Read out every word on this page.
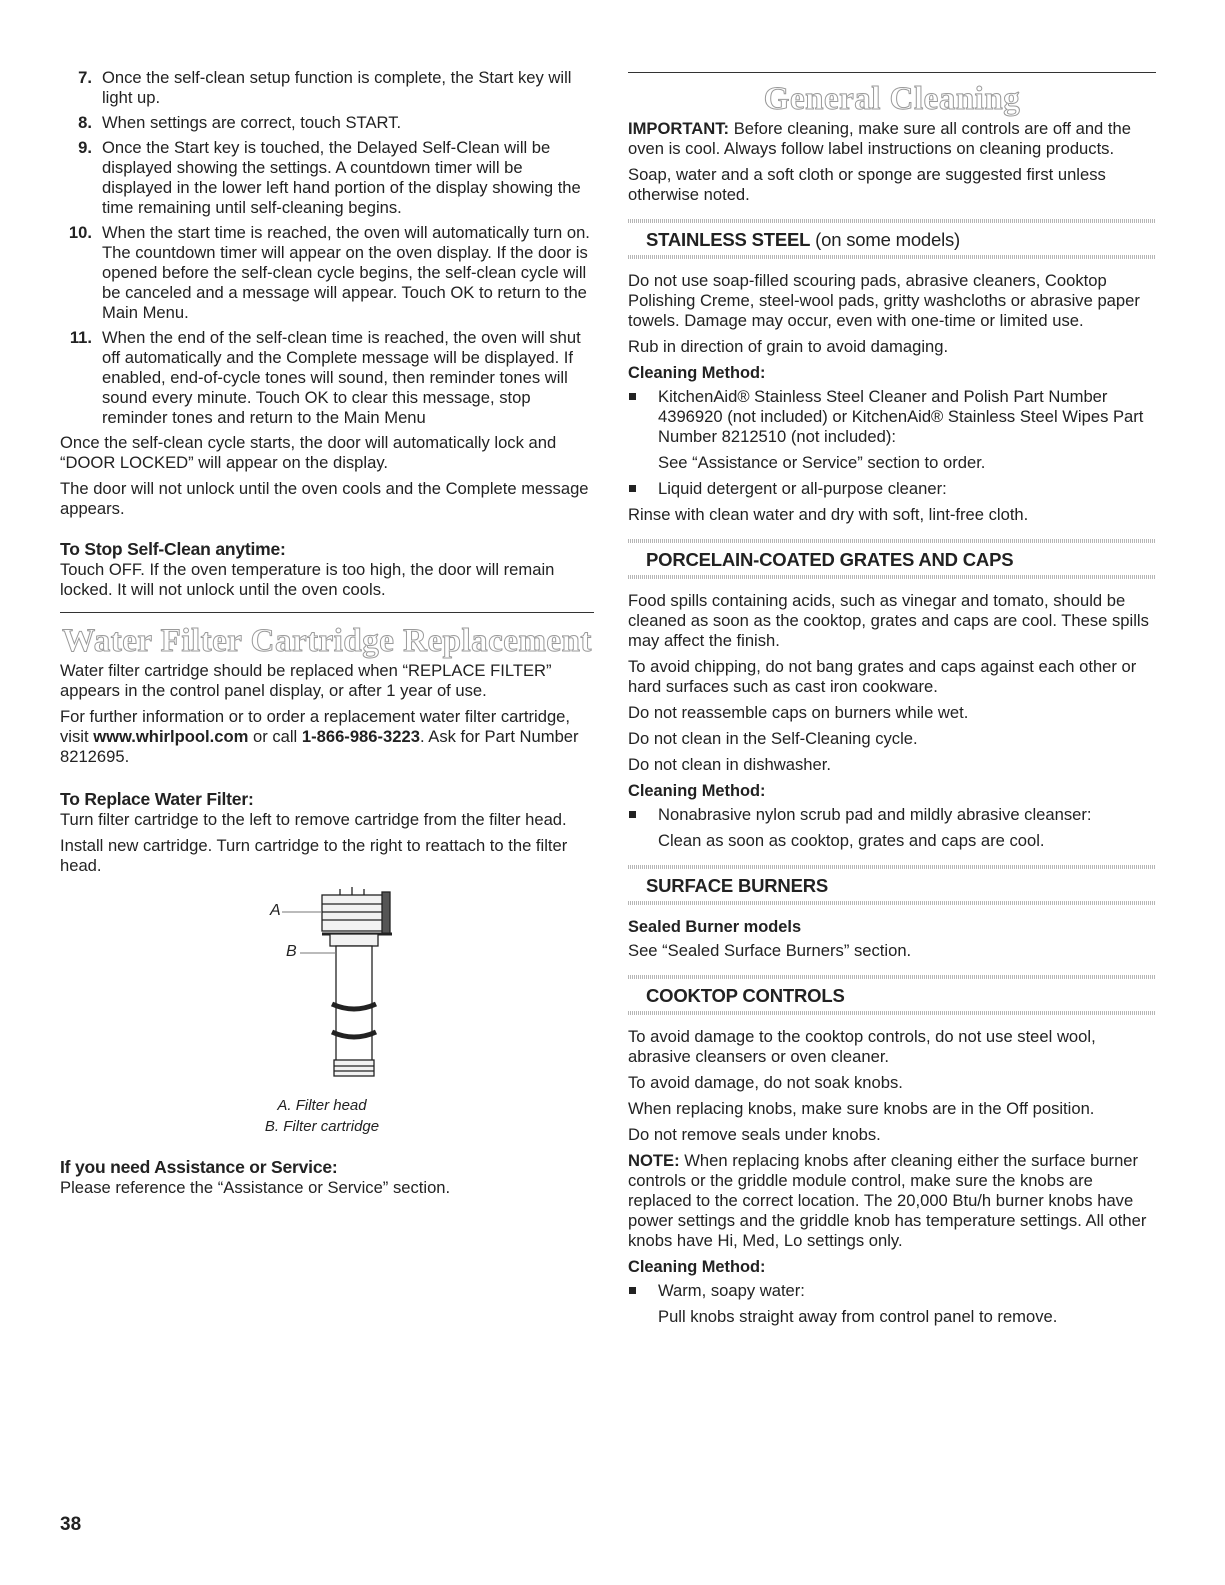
7. Once the self-clean setup function is complete, the Start key will light up.
8. When settings are correct, touch START.
9. Once the Start key is touched, the Delayed Self-Clean will be displayed showing the settings. A countdown timer will be displayed in the lower left hand portion of the display showing the time remaining until self-cleaning begins.
10. When the start time is reached, the oven will automatically turn on. The countdown timer will appear on the oven display. If the door is opened before the self-clean cycle begins, the self-clean cycle will be canceled and a message will appear. Touch OK to return to the Main Menu.
11. When the end of the self-clean time is reached, the oven will shut off automatically and the Complete message will be displayed. If enabled, end-of-cycle tones will sound, then reminder tones will sound every minute. Touch OK to clear this message, stop reminder tones and return to the Main Menu

Once the self-clean cycle starts, the door will automatically lock and “DOOR LOCKED” will appear on the display.

The door will not unlock until the oven cools and the Complete message appears.

To Stop Self-Clean anytime:

Touch OFF. If the oven temperature is too high, the door will remain locked. It will not unlock until the oven cools.

Water Filter Cartridge Replacement

Water filter cartridge should be replaced when “REPLACE FILTER” appears in the control panel display, or after 1 year of use.

For further information or to order a replacement water filter cartridge, visit www.whirlpool.com or call 1-866-986-3223. Ask for Part Number 8212695.

To Replace Water Filter:

Turn filter cartridge to the left to remove cartridge from the filter head.

Install new cartridge. Turn cartridge to the right to reattach to the filter head.

A
B
A. Filter head
B. Filter cartridge
If you need Assistance or Service:

Please reference the “Assistance or Service” section.

General Cleaning

IMPORTANT: Before cleaning, make sure all controls are off and the oven is cool. Always follow label instructions on cleaning products.

Soap, water and a soft cloth or sponge are suggested first unless otherwise noted.

STAINLESS STEEL (on some models)

Do not use soap-filled scouring pads, abrasive cleaners, Cooktop Polishing Creme, steel-wool pads, gritty washcloths or abrasive paper towels. Damage may occur, even with one-time or limited use.

Rub in direction of grain to avoid damaging.

Cleaning Method:

KitchenAid® Stainless Steel Cleaner and Polish Part Number 4396920 (not included) or KitchenAid® Stainless Steel Wipes Part Number 8212510 (not included):

See “Assistance or Service” section to order.

Liquid detergent or all-purpose cleaner:

Rinse with clean water and dry with soft, lint-free cloth.

PORCELAIN-COATED GRATES AND CAPS

Food spills containing acids, such as vinegar and tomato, should be cleaned as soon as the cooktop, grates and caps are cool. These spills may affect the finish.

To avoid chipping, do not bang grates and caps against each other or hard surfaces such as cast iron cookware.

Do not reassemble caps on burners while wet.

Do not clean in the Self-Cleaning cycle.

Do not clean in dishwasher.

Cleaning Method:

Nonabrasive nylon scrub pad and mildly abrasive cleanser:

Clean as soon as cooktop, grates and caps are cool.

SURFACE BURNERS

Sealed Burner models

See “Sealed Surface Burners” section.

COOKTOP CONTROLS

To avoid damage to the cooktop controls, do not use steel wool, abrasive cleansers or oven cleaner.

To avoid damage, do not soak knobs.

When replacing knobs, make sure knobs are in the Off position.

Do not remove seals under knobs.

NOTE: When replacing knobs after cleaning either the surface burner controls or the griddle module control, make sure the knobs are replaced to the correct location. The 20,000 Btu/h burner knobs have power settings and the griddle knob has temperature settings. All other knobs have Hi, Med, Lo settings only.

Cleaning Method:

Warm, soapy water:

Pull knobs straight away from control panel to remove.

38
